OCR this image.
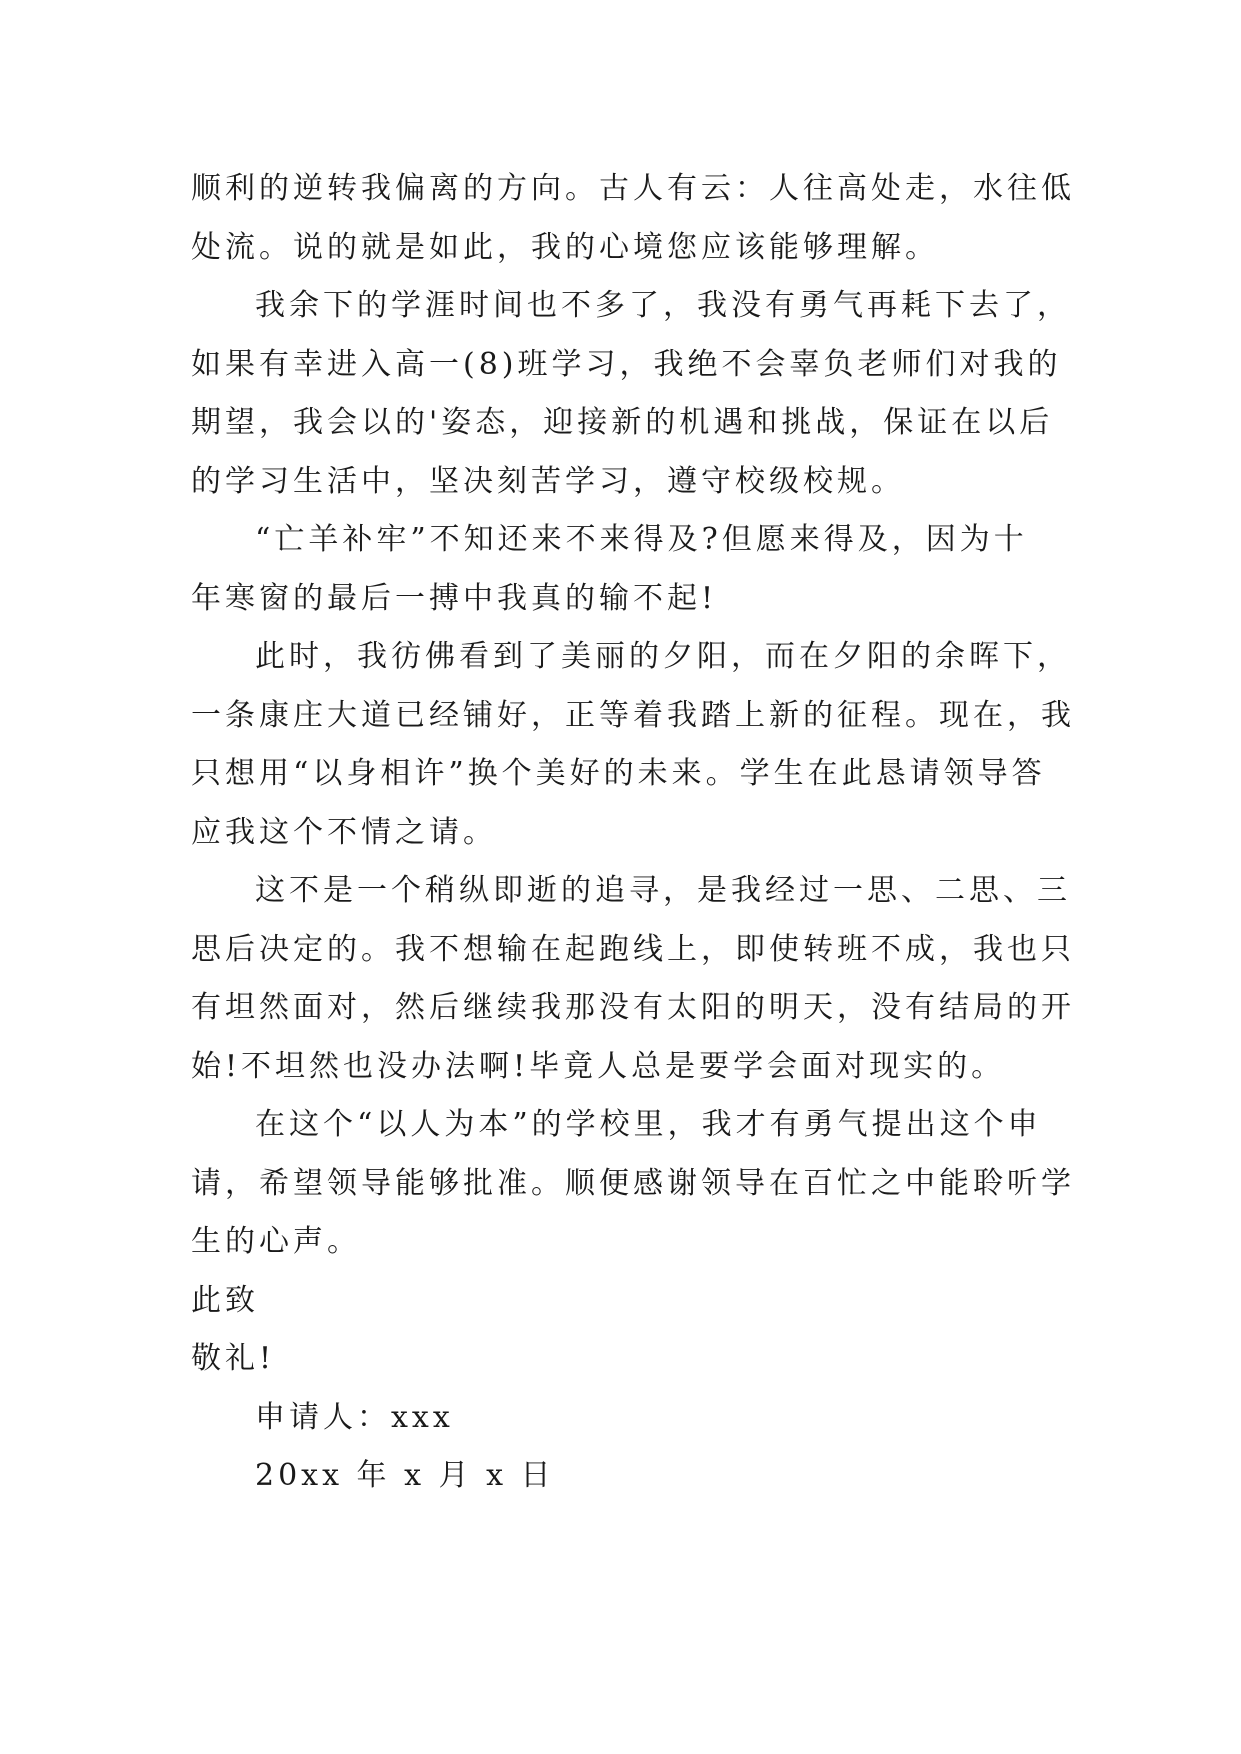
顺利的逆转我偏离的方向。古人有云：人往高处走，水往低
处流。说的就是如此，我的心境您应该能够理解。
我余下的学涯时间也不多了，我没有勇气再耗下去了，
如果有幸进入高一(8)班学习，我绝不会辜负老师们对我的
期望，我会以的'姿态，迎接新的机遇和挑战，保证在以后
的学习生活中，坚决刻苦学习，遵守校级校规。
“亡羊补牢”不知还来不来得及?但愿来得及，因为十
年寒窗的最后一搏中我真的输不起!
此时，我彷佛看到了美丽的夕阳，而在夕阳的余晖下，
一条康庄大道已经铺好，正等着我踏上新的征程。现在，我
只想用“以身相许”换个美好的未来。学生在此恳请领导答
应我这个不情之请。
这不是一个稍纵即逝的追寻，是我经过一思、二思、三
思后决定的。我不想输在起跑线上，即使转班不成，我也只
有坦然面对，然后继续我那没有太阳的明天，没有结局的开
始!不坦然也没办法啊!毕竟人总是要学会面对现实的。
在这个“以人为本”的学校里，我才有勇气提出这个申
请，希望领导能够批准。顺便感谢领导在百忙之中能聆听学
生的心声。
此致
敬礼!
申请人：xxx
20xx 年 x 月 x 日
